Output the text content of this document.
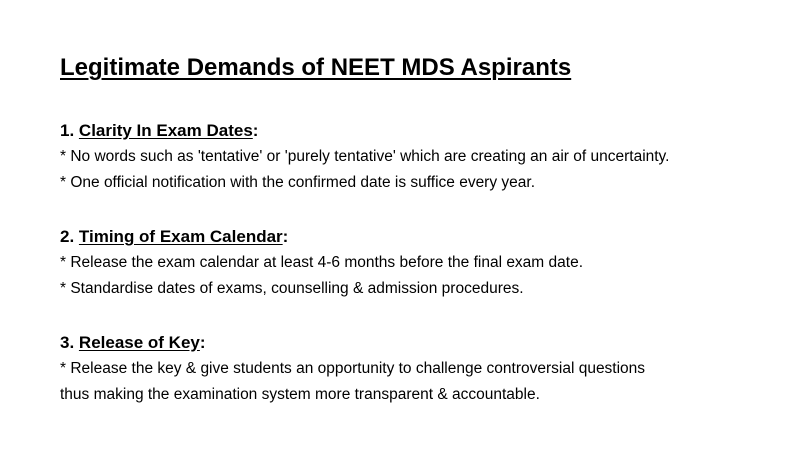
Legitimate Demands of NEET MDS Aspirants

1. Clarity In Exam Dates:

* No words such as 'tentative' or 'purely tentative' which are creating an air of uncertainty.

* One official notification with the confirmed date is suffice every year.

2. Timing of Exam Calendar:

* Release the exam calendar at least 4-6 months before the final exam date.

* Standardise dates of exams, counselling & admission procedures.

3. Release of Key:

* Release the key & give students an opportunity to challenge controversial questions

thus making the examination system more transparent & accountable.
